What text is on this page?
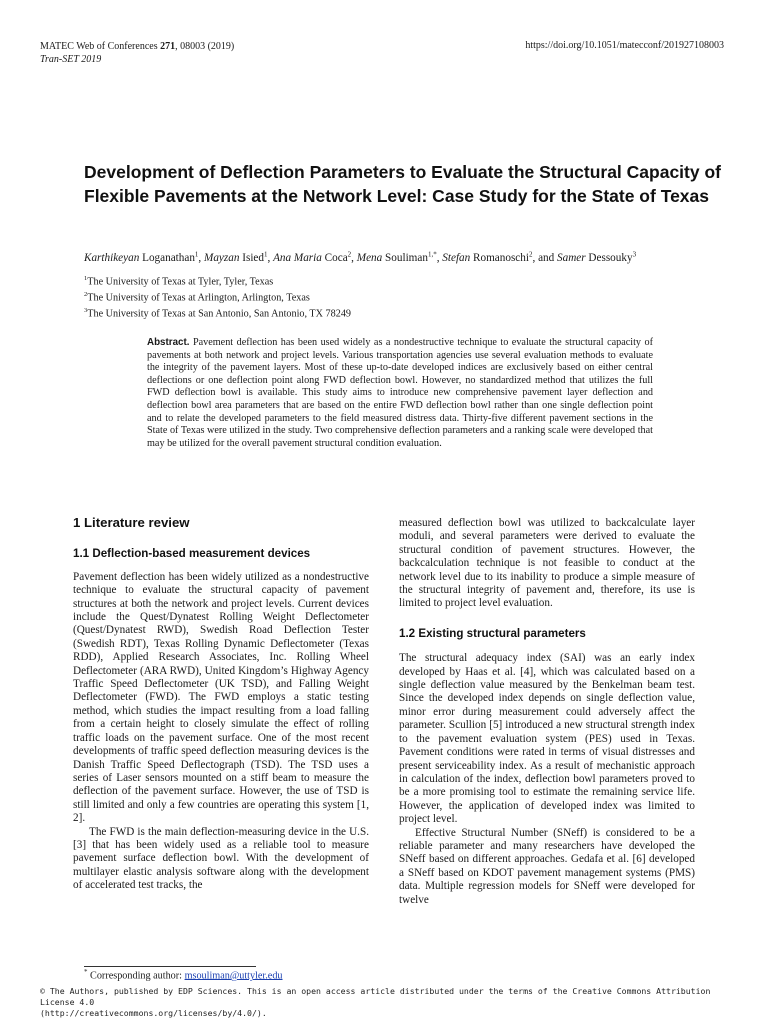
MATEC Web of Conferences 271, 08003 (2019)
Tran-SET 2019
https://doi.org/10.1051/matecconf/201927108003
Development of Deflection Parameters to Evaluate the Structural Capacity of Flexible Pavements at the Network Level: Case Study for the State of Texas
Karthikeyan Loganathan$^1$, Mayzan Isied$^1$, Ana Maria Coca$^2$, Mena Souliman$^{1,*}$, Stefan Romanoschi$^2$, and Samer Dessouky$^3$
$^1$The University of Texas at Tyler, Tyler, Texas
$^2$The University of Texas at Arlington, Arlington, Texas
$^3$The University of Texas at San Antonio, San Antonio, TX 78249
Abstract. Pavement deflection has been used widely as a nondestructive technique to evaluate the structural capacity of pavements at both network and project levels. Various transportation agencies use several evaluation methods to evaluate the integrity of the pavement layers. Most of these up-to-date developed indices are exclusively based on either central deflections or one deflection point along FWD deflection bowl. However, no standardized method that utilizes the full FWD deflection bowl is available. This study aims to introduce new comprehensive pavement layer deflection and deflection bowl area parameters that are based on the entire FWD deflection bowl rather than one single deflection point and to relate the developed parameters to the field measured distress data. Thirty-five different pavement sections in the State of Texas were utilized in the study. Two comprehensive deflection parameters and a ranking scale were developed that may be utilized for the overall pavement structural condition evaluation.
1 Literature review
1.1 Deflection-based measurement devices

Pavement deflection has been widely utilized as a nondestructive technique to evaluate the structural capacity of pavement structures at both the network and project levels. Current devices include the Quest/Dynatest Rolling Weight Deflectometer (Quest/Dynatest RWD), Swedish Road Deflection Tester (Swedish RDT), Texas Rolling Dynamic Deflectometer (Texas RDD), Applied Research Associates, Inc. Rolling Wheel Deflectometer (ARA RWD), United Kingdom’s Highway Agency Traffic Speed Deflectometer (UK TSD), and Falling Weight Deflectometer (FWD). The FWD employs a static testing method, which studies the impact resulting from a load falling from a certain height to closely simulate the effect of rolling traffic loads on the pavement surface. One of the most recent developments of traffic speed deflection measuring devices is the Danish Traffic Speed Deflectograph (TSD). The TSD uses a series of Laser sensors mounted on a stiff beam to measure the deflection of the pavement surface. However, the use of TSD is still limited and only a few countries are operating this system [1, 2].

The FWD is the main deflection-measuring device in the U.S. [3] that has been widely used as a reliable tool to measure pavement surface deflection bowl. With the development of multilayer elastic analysis software along with the development of accelerated test tracks, the

measured deflection bowl was utilized to backcalculate layer moduli, and several parameters were derived to evaluate the structural condition of pavement structures. However, the backcalculation technique is not feasible to conduct at the network level due to its inability to produce a simple measure of the structural integrity of pavement and, therefore, its use is limited to project level evaluation.

1.2 Existing structural parameters

The structural adequacy index (SAI) was an early index developed by Haas et al. [4], which was calculated based on a single deflection value measured by the Benkelman beam test. Since the developed index depends on single deflection value, minor error during measurement could adversely affect the parameter. Scullion [5] introduced a new structural strength index to the pavement evaluation system (PES) used in Texas. Pavement conditions were rated in terms of visual distresses and present serviceability index. As a result of mechanistic approach in calculation of the index, deflection bowl parameters proved to be a more promising tool to estimate the remaining service life. However, the application of developed index was limited to project level.

Effective Structural Number (SNeff) is considered to be a reliable parameter and many researchers have developed the SNeff based on different approaches. Gedafa et al. [6] developed a SNeff based on KDOT pavement management systems (PMS) data. Multiple regression models for SNeff were developed for twelve

* Corresponding author: msouliman@uttyler.edu
© The Authors, published by EDP Sciences. This is an open access article distributed under the terms of the Creative Commons Attribution License 4.0
(http://creativecommons.org/licenses/by/4.0/).
